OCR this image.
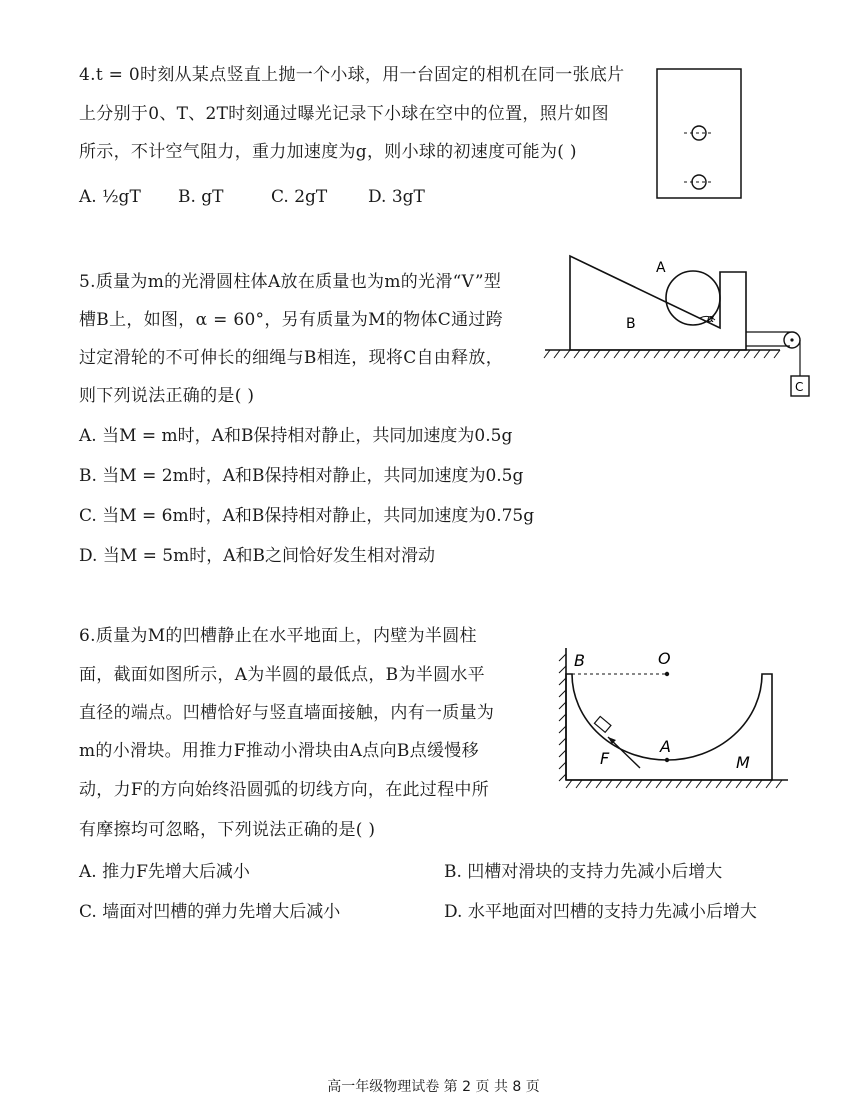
4.t = 0时刻从某点竖直上抛一个小球，用一台固定的相机在同一张底片
上分别于0、T、2T时刻通过曝光记录下小球在空中的位置，照片如图
所示，不计空气阻力，重力加速度为g，则小球的初速度可能为( )
A. ½gT B. gT	C. 2gT D. 3gT
5.质量为m的光滑圆柱体A放在质量也为m的光滑“V”型
槽B上，如图，α = 60°，另有质量为M的物体C通过跨
过定滑轮的不可伸长的细绳与B相连，现将C自由释放，
则下列说法正确的是( )
A. 当M = m时，A和B保持相对静止，共同加速度为0.5g
B. 当M = 2m时，A和B保持相对静止，共同加速度为0.5g
C. 当M = 6m时，A和B保持相对静止，共同加速度为0.75g
D. 当M = 5m时，A和B之间恰好发生相对滑动
A
B	α
C
6.质量为M的凹槽静止在水平地面上，内壁为半圆柱
面，截面如图所示，A为半圆的最低点，B为半圆水平
直径的端点。凹槽恰好与竖直墙面接触，内有一质量为
m的小滑块。用推力F推动小滑块由A点向B点缓慢移
动，力F的方向始终沿圆弧的切线方向，在此过程中所
有摩擦均可忽略，下列说法正确的是( )
A. 推力F先增大后减小	B. 凹槽对滑块的支持力先减小后增大
C. 墙面对凹槽的弹力先增大后减小	D. 水平地面对凹槽的支持力先减小后增大
B	O
A
F	M
高一年级物理试卷 第 2 页 共 8 页
